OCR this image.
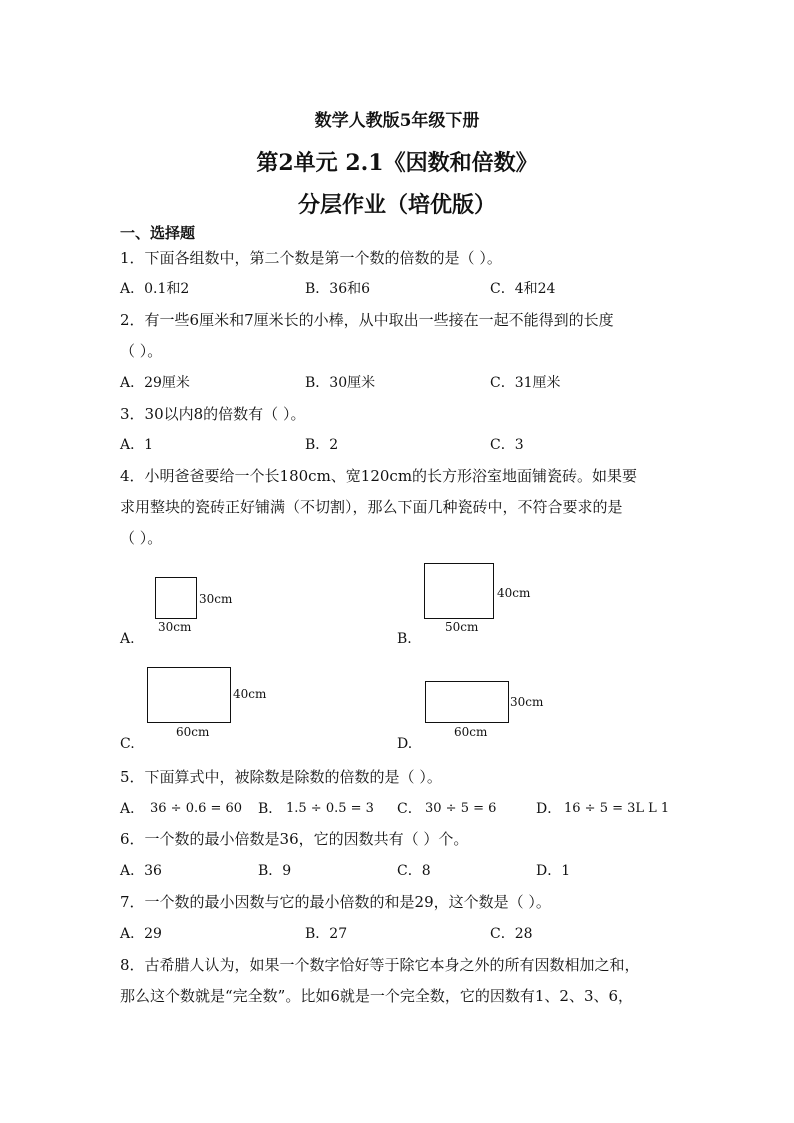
数学人教版5年级下册
第2单元 2.1《因数和倍数》
分层作业（培优版）
一、选择题
1．下面各组数中，第二个数是第一个数的倍数的是（ ）。
A．0.1和2	B．36和6	C．4和24
2．有一些6厘米和7厘米长的小棒，从中取出一些接在一起不能得到的长度
（ ）。
A．29厘米	B．30厘米	C．31厘米
3．30以内8的倍数有（ ）。
A．1	B．2	C．3
4．小明爸爸要给一个长180cm、宽120cm的长方形浴室地面铺瓷砖。如果要
求用整块的瓷砖正好铺满（不切割），那么下面几种瓷砖中，不符合要求的是
（ ）。
30cm
30cm
A.
40cm
50cm
B.
40cm
60cm
C.
30cm
60cm
D.
5．下面算式中，被除数是除数的倍数的是（ ）。
A． 36 ÷ 0.6 = 60 B． 1.5 ÷ 0.5 = 3 C． 30 ÷ 5 = 6	D． 16 ÷ 5 = 3L L 1
6．一个数的最小倍数是36，它的因数共有（ ）个。
A．36	B．9	C．8	D．1
7．一个数的最小因数与它的最小倍数的和是29，这个数是（ ）。
A．29	B．27	C．28
8．古希腊人认为，如果一个数字恰好等于除它本身之外的所有因数相加之和，
那么这个数就是“完全数”。比如6就是一个完全数，它的因数有1、2、3、6，
